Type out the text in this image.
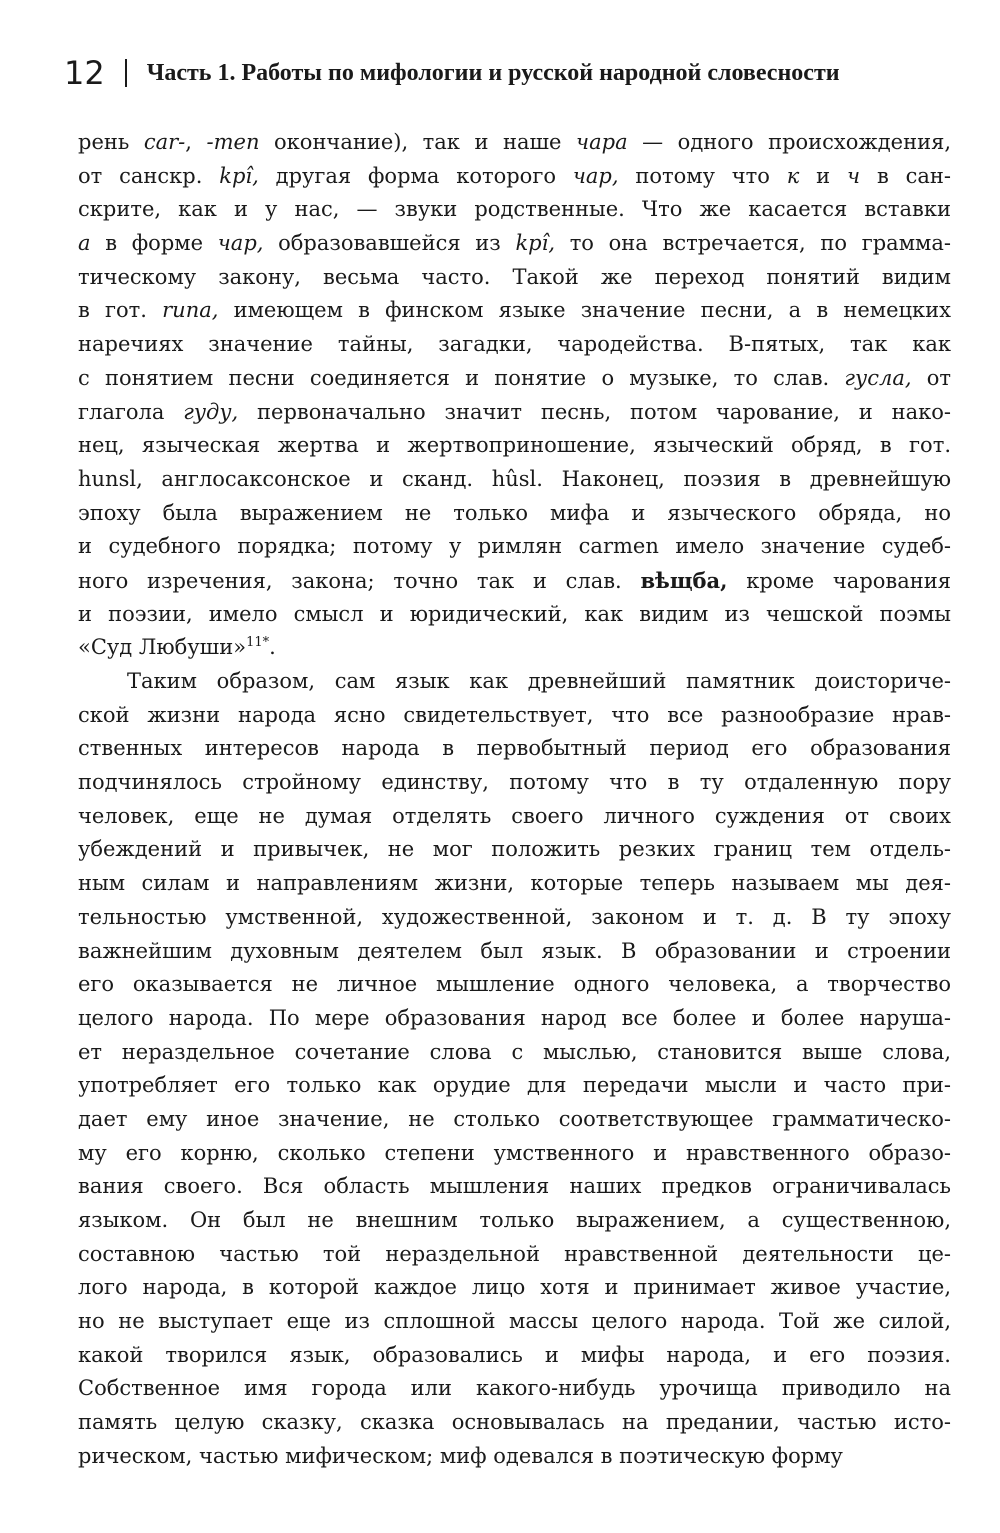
12 Часть 1. Работы по мифологии и русской народной словесности
рень car-, -men окончание), так и наше чара — одного происхождения,
от санскр. kpî, другая форма которого чар, потому что к и ч в сан-
скрите, как и у нас, — звуки родственные. Что же касается вставки
а в форме чар, образовавшейся из kpî, то она встречается, по граммa-
тическому закону, весьма часто. Такой же переход понятий видим
в гот. runa, имеющем в финском языке значение песни, а в немецких
наречиях значение тайны, загадки, чародейства. В-пятых, так как
с понятием песни соединяется и понятие о музыке, то слав. гусла, от
глагола гуду, первоначально значит песнь, потом чарование, и нако-
нец, языческая жертва и жертвоприношение, языческий обряд, в гот.
hunsl, англосаксонское и сканд. hûsl. Наконец, поэзия в древнейшую
эпоху была выражением не только мифа и языческого обряда, но
и судебного порядка; потому у римлян carmen имело значение судеб-
ного изречения, закона; точно так и слав. вѣщба, кроме чарования
и поэзии, имело смысл и юридический, как видим из чешской поэмы
«Суд Любуши»$^{11*}$.
Таким образом, сам язык как древнейший памятник доистoриче-
ской жизни народа ясно свидетельствует, что все разнообразие нрав-
ственных интересов народа в первобытный период его образования
подчинялось стройному единству, потому что в ту отдаленную пору
человек, еще не думая отделять своего личного суждения от своих
убеждений и привычек, не мог положить резких границ тем отдель-
ным силам и направлениям жизни, которые теперь называем мы дея-
тельностью умственной, художественной, законом и т. д. В ту эпоху
важнейшим духовным деятелем был язык. В образовании и строении
его оказывается не личное мышление одного человека, а творчество
целого народа. По мере образования народ все более и более наруша-
ет нераздельное сочетание слова с мыслью, становится выше слова,
употребляет его только как орудие для передачи мысли и часто при-
дает ему иное значение, не столько соответствующее грамматическо-
му его корню, сколько степени умственного и нравственного образо-
вания своего. Вся область мышления наших предков ограничивалась
языком. Он был не внешним только выражением, а существенною,
составною частью той нераздельной нравственной деятельности це-
лого народа, в которой каждое лицо хотя и принимает живое участие,
но не выступает еще из сплошной массы целого народа. Той же силой,
какой творился язык, образовались и мифы народа, и его поэзия.
Собственное имя города или какого-нибудь урочища приводило на
память целую сказку, сказка основывалась на предании, частью исто-
рическом, частью мифическом; миф одевался в поэтическую форму
